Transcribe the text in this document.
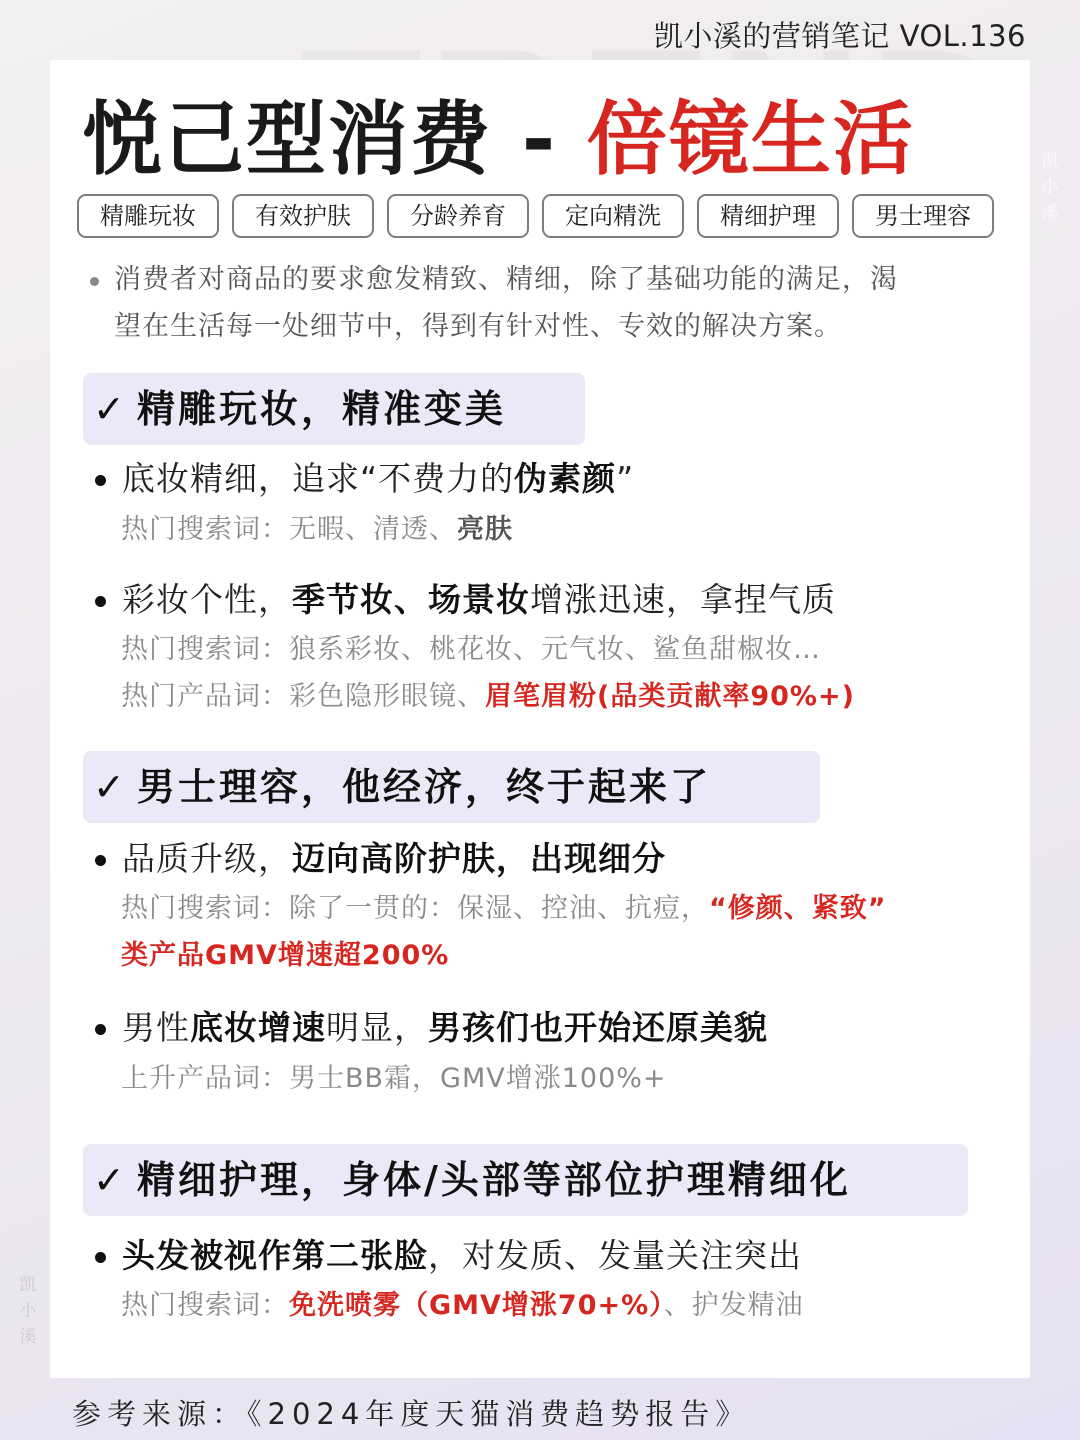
凯小溪的营销笔记 VOL.136
凯
小
溪
悦己型消费 - 倍镜生活
精雕玩妆	有效护肤	分龄养育	定向精洗	精细护理	男士理容

消费者对商品的要求愈发精致、精细，除了基础功能的满足，渴

望在生活每一处细节中，得到有针对性、专效的解决方案。

✓ 精雕玩妆，精准变美
底妆精细，追求“不费力的伪素颜”
热门搜索词：无暇、清透、亮肤
彩妆个性，季节妆、场景妆增涨迅速，拿捏气质
热门搜索词：狼系彩妆、桃花妆、元气妆、鲨鱼甜椒妆…
热门产品词：彩色隐形眼镜、眉笔眉粉(品类贡献率90%+)
✓ 男士理容，他经济，终于起来了
品质升级，迈向高阶护肤，出现细分
热门搜索词：除了一贯的：保湿、控油、抗痘，“修颜、紧致”
类产品GMV增速超200%
男性底妆增速明显，男孩们也开始还原美貌
上升产品词：男士BB霜，GMV增涨100%+
✓ 精细护理，身体/头部等部位护理精细化
头发被视作第二张脸，对发质、发量关注突出
热门搜索词：免洗喷雾（GMV增涨70+%）、护发精油
凯
小
溪
参考来源：《2024年度天猫消费趋势报告》
